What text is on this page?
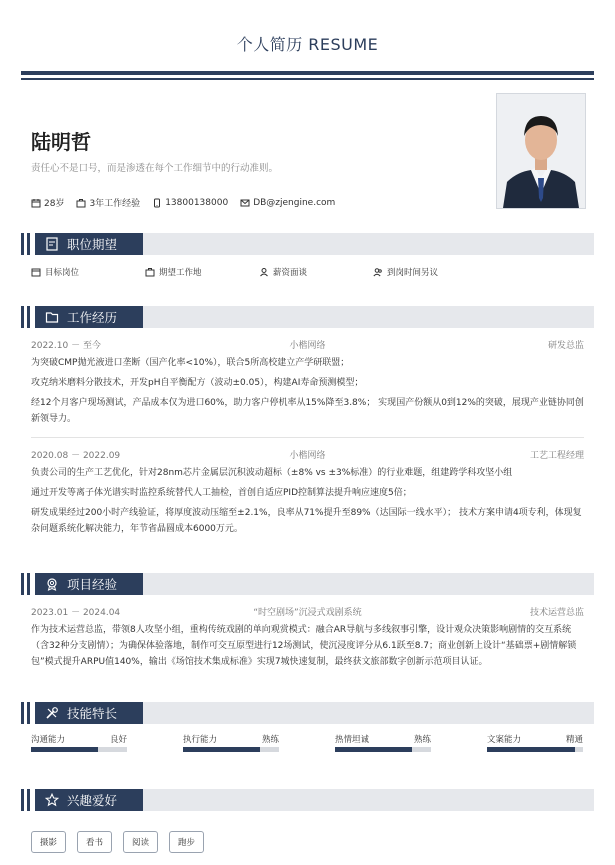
个人简历 RESUME
陆明哲
责任心不是口号，而是渗透在每个工作细节中的行动准则。
28岁	3年工作经验	13800138000	DB@zjengine.com
职位期望
目标岗位	期望工作地	薪资面谈	到岗时间另议
工作经历
2022.10 － 至今	小楷网络	研发总监
为突破CMP抛光液进口垄断（国产化率<10%），联合5所高校建立产学研联盟；
攻克纳米磨料分散技术，开发pH自平衡配方（波动±0.05），构建AI寿命预测模型；
经12个月客户现场测试，产品成本仅为进口60%，助力客户停机率从15%降至3.8%； 实现国产份额从0到12%的突破，展现产业链协同创新领导力。
2020.08 － 2022.09	小楷网络	工艺工程经理
负责公司的生产工艺优化，针对28nm芯片金属层沉积波动超标（±8% vs ±3%标准）的行业难题，组建跨学科攻坚小组
通过开发等离子体光谱实时监控系统替代人工抽检，首创自适应PID控制算法提升响应速度5倍；
研发成果经过200小时产线验证，将厚度波动压缩至±2.1%，良率从71%提升至89%（达国际一线水平）； 技术方案申请4项专利，体现复杂问题系统化解决能力，年节省晶圆成本6000万元。
项目经验
2023.01 － 2024.04	“时空剧场”沉浸式戏剧系统	技术运营总监
作为技术运营总监，带领8人攻坚小组，重构传统戏剧的单向观赏模式：融合AR导航与多线叙事引擎，设计观众决策影响剧情的交互系统（含32种分支剧情）；为确保体验落地，制作可交互原型进行12场测试，使沉浸度评分从6.1跃至8.7；商业创新上设计“基础票+剧情解锁包”模式提升ARPU值140%，输出《场馆技术集成标准》实现7城快速复制，最终获文旅部数字创新示范项目认证。
技能特长
沟通能力	良好	执行能力	熟练	热情坦诚	熟练	文案能力	精通
兴趣爱好
摄影	看书	阅读	跑步
